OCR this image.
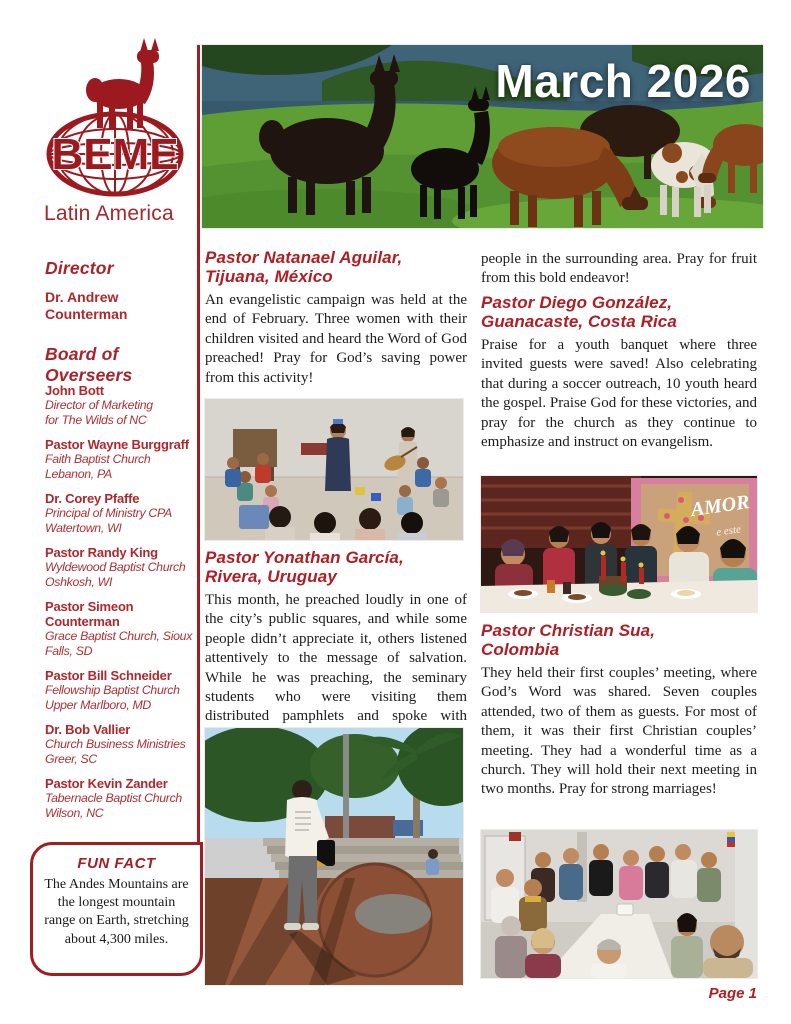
BEME
Latin America
Director
Dr. Andrew Counterman
Board of Overseers
John Bott
Director of Marketing
for The Wilds of NC
Pastor Wayne Burggraff
Faith Baptist Church
Lebanon, PA
Dr. Corey Pfaffe
Principal of Ministry CPA
Watertown, WI
Pastor Randy King
Wyldewood Baptist Church
Oshkosh, WI
Pastor Simeon
Counterman
Grace Baptist Church, Sioux
Falls, SD
Pastor Bill Schneider
Fellowship Baptist Church
Upper Marlboro, MD
Dr. Bob Vallier
Church Business Ministries
Greer, SC
Pastor Kevin Zander
Tabernacle Baptist Church
Wilson, NC
FUN FACT
The Andes Mountains are the longest mountain range on Earth, stretching about 4,300 miles.
March 2026
Pastor Natanael Aguilar,
Tijuana, México
An evangelistic campaign was held at the end of February. Three women with their children visited and heard the Word of God preached! Pray for God’s saving power from this activity!
Pastor Yonathan García,
Rivera, Uruguay
This month, he preached loudly in one of the city’s public squares, and while some people didn’t appreciate it, others listened attentively to the message of salvation. While he was preaching, the seminary students who were visiting them distributed pamphlets and spoke with
people in the surrounding area. Pray for fruit from this bold endeavor!
Pastor Diego González,
Guanacaste, Costa Rica
Praise for a youth banquet where three invited guests were saved! Also celebrating that during a soccer outreach, 10 youth heard the gospel. Praise God for these victories, and pray for the church as they continue to emphasize and instruct on evangelism.
AMOR
e este
Pastor Christian Sua,
Colombia
They held their first couples’ meeting, where God’s Word was shared. Seven couples attended, two of them as guests. For most of them, it was their first Christian couples’ meeting. They had a wonderful time as a church. They will hold their next meeting in two months. Pray for strong marriages!
Page 1
